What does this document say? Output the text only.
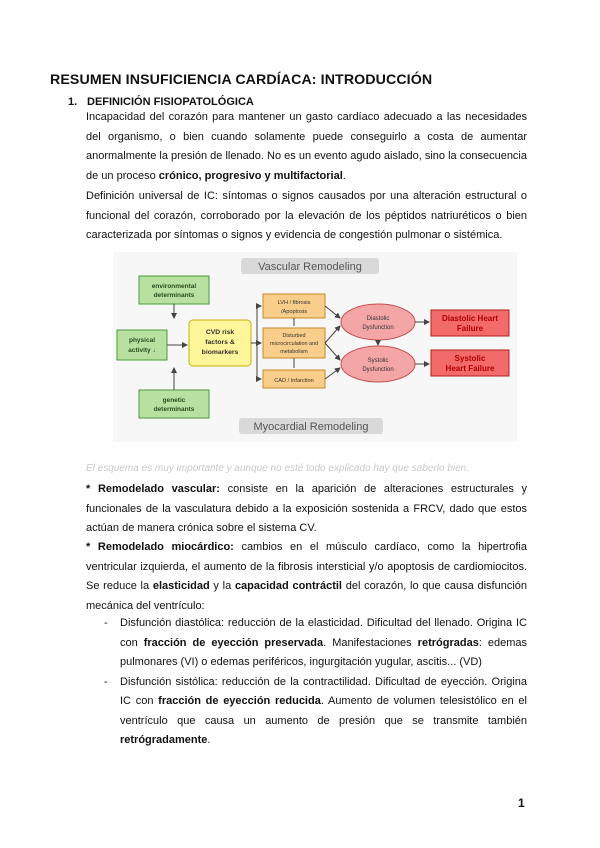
RESUMEN INSUFICIENCIA CARDÍACA: INTRODUCCIÓN
1. DEFINICIÓN FISIOPATOLÓGICA
Incapacidad del corazón para mantener un gasto cardíaco adecuado a las necesidades del organismo, o bien cuando solamente puede conseguirlo a costa de aumentar anormalmente la presión de llenado. No es un evento agudo aislado, sino la consecuencia de un proceso crónico, progresivo y multifactorial.
Definición universal de IC: síntomas o signos causados por una alteración estructural o funcional del corazón, corroborado por la elevación de los péptidos natriuréticos o bien caracterizada por síntomas o signos y evidencia de congestión pulmonar o sistémica.
Vascular Remodeling
Myocardial Remodeling
environmental
determinants
physical
activity ↓
genetic
determinants
CVD risk
factors &
biomarkers
LVH / fibrosis
/Apoptosis
Disturbed
microcirculation and
metabolism
CAD / Infarction
Diastolic
Dysfunction
Systolic
Dysfunction
Diastolic Heart
Failure
Systolic
Heart Failure
El esquema es muy importante y aunque no esté todo explicado hay que saberlo bien.
* Remodelado vascular: consiste en la aparición de alteraciones estructurales y funcionales de la vasculatura debido a la exposición sostenida a FRCV, dado que estos actúan de manera crónica sobre el sistema CV.
* Remodelado miocárdico: cambios en el músculo cardíaco, como la hipertrofia ventricular izquierda, el aumento de la fibrosis intersticial y/o apoptosis de cardiomiocitos. Se reduce la elasticidad y la capacidad contráctil del corazón, lo que causa disfunción mecánica del ventrículo:
- Disfunción diastólica: reducción de la elasticidad. Dificultad del llenado. Origina IC con fracción de eyección preservada. Manifestaciones retrógradas: edemas pulmonares (VI) o edemas periféricos, ingurgitación yugular, ascitis... (VD)
- Disfunción sistólica: reducción de la contractilidad. Dificultad de eyección. Origina IC con fracción de eyección reducida. Aumento de volumen telesistólico en el ventrículo que causa un aumento de presión que se transmite también retrógradamente.
1
